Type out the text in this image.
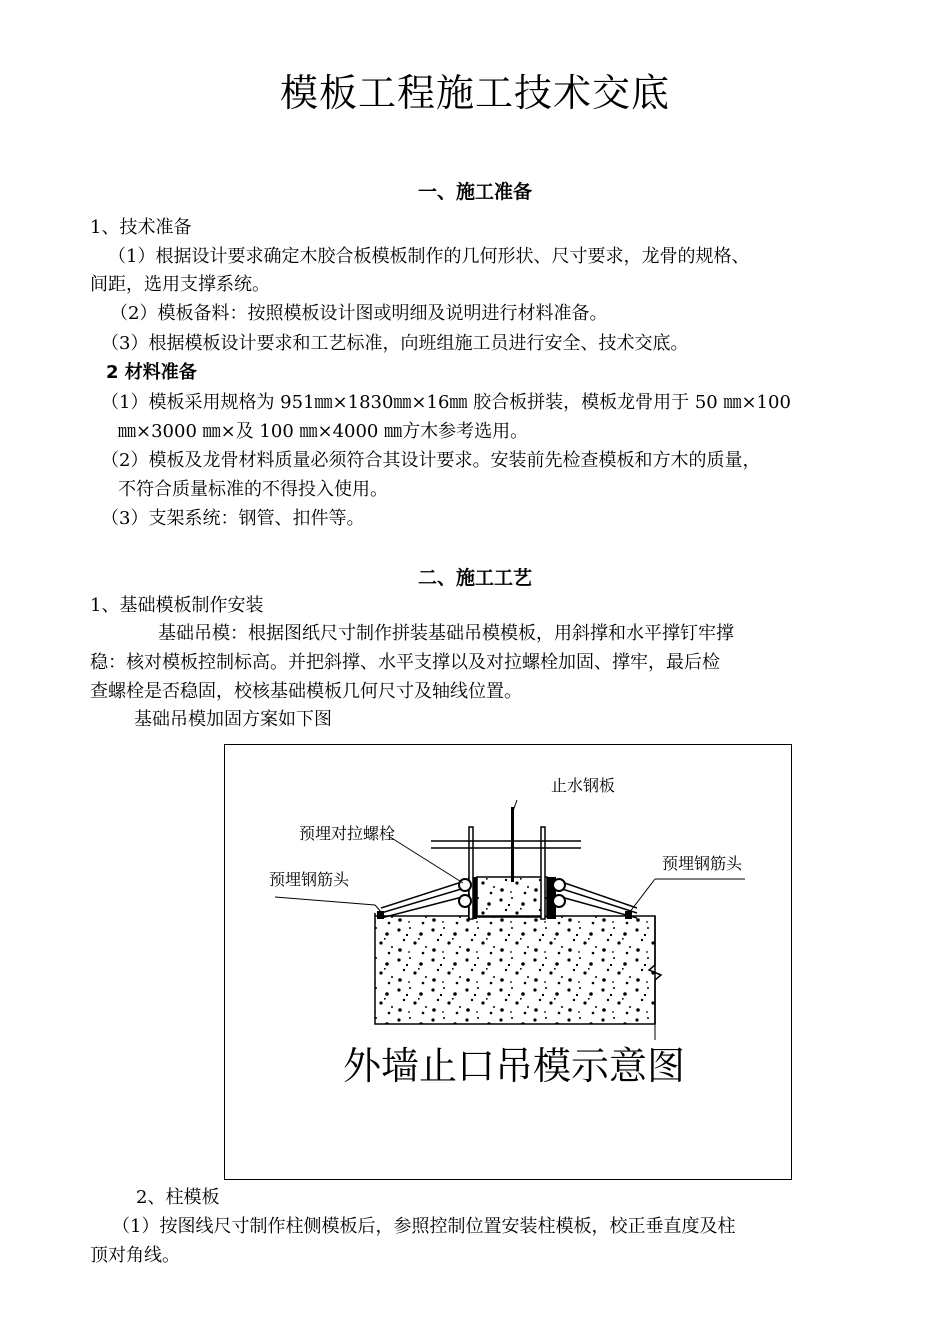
模板工程施工技术交底
一、施工准备
1、技术准备
（1）根据设计要求确定木胶合板模板制作的几何形状、尺寸要求，龙骨的规格、
间距，选用支撑系统。
（2）模板备料：按照模板设计图或明细及说明进行材料准备。
（3）根据模板设计要求和工艺标准，向班组施工员进行安全、技术交底。
2 材料准备
（1）模板采用规格为 951㎜×1830㎜×16㎜ 胶合板拼装，模板龙骨用于 50 ㎜×100
㎜×3000 ㎜×及 100 ㎜×4000 ㎜方木参考选用。
（2）模板及龙骨材料质量必须符合其设计要求。安装前先检查模板和方木的质量，
不符合质量标准的不得投入使用。
（3）支架系统：钢管、扣件等。
二、施工工艺
1、基础模板制作安装
基础吊模：根据图纸尺寸制作拼装基础吊模模板，用斜撑和水平撑钉牢撑
稳：核对模板控制标高。并把斜撑、水平支撑以及对拉螺栓加固、撑牢，最后检
查螺栓是否稳固，校核基础模板几何尺寸及轴线位置。
基础吊模加固方案如下图
止水钢板
预埋对拉螺栓
预埋钢筋头
预埋钢筋头
外墙止口吊模示意图
2、柱模板
（1）按图线尺寸制作柱侧模板后，参照控制位置安装柱模板，校正垂直度及柱
顶对角线。
